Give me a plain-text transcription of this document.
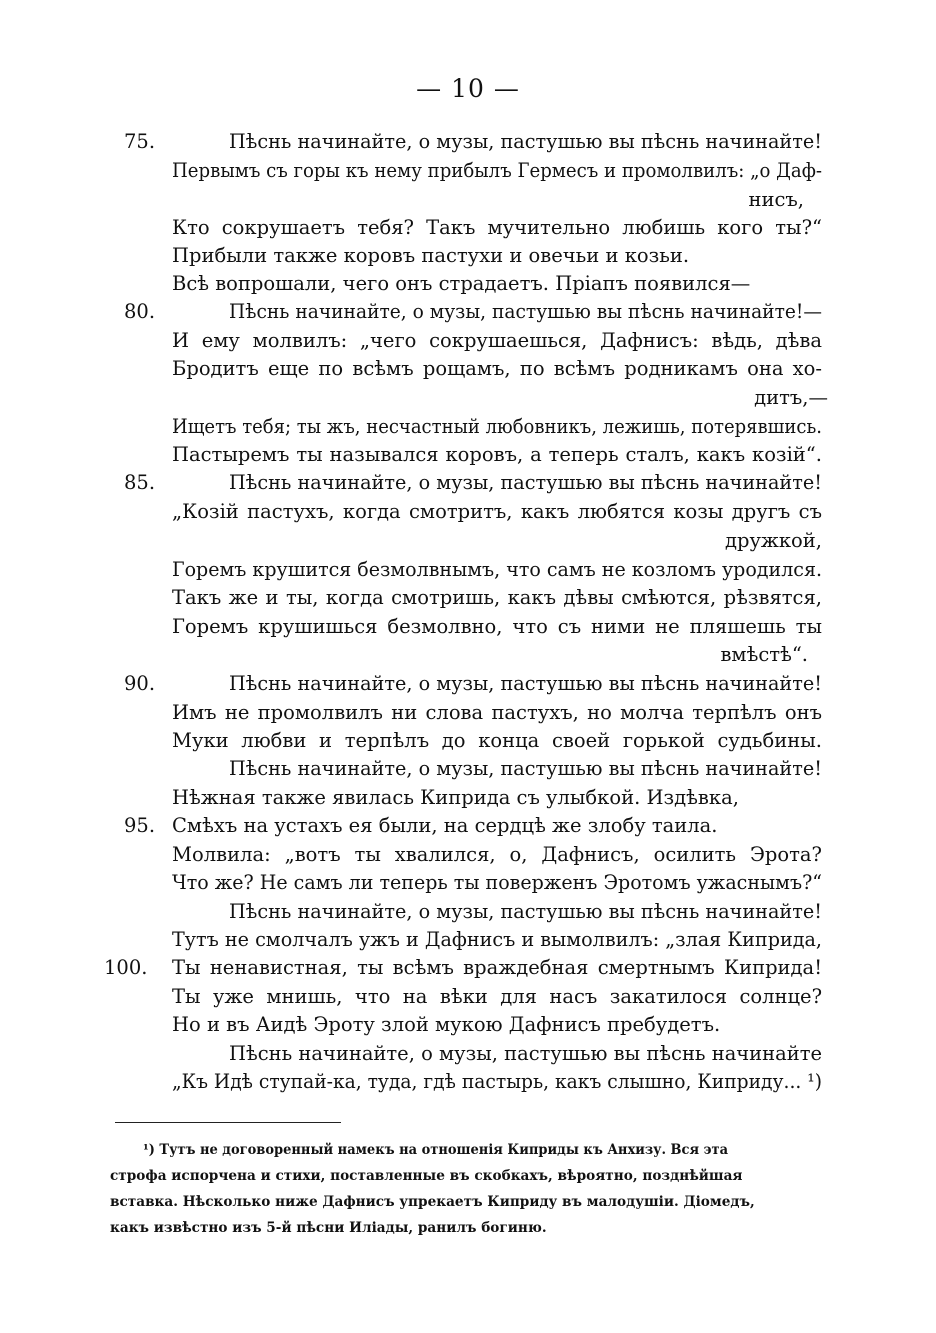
— 10 —
75.	Пѣснь начинайте, о музы, пастушью вы пѣснь начинайте!
Первымъ съ горы къ нему прибылъ Гермесъ и промолвилъ: „о Даф-
нисъ,
Кто сокрушаетъ тебя? Такъ мучительно любишь кого ты?“
Прибыли также коровъ пастухи и овечьи и козьи.
Всѣ вопрошали, чего онъ страдаетъ. Пріапъ появился—
80.	Пѣснь начинайте, о музы, пастушью вы пѣснь начинайте!—
И ему молвилъ: „чего сокрушаешься, Дафнисъ: вѣдь, дѣва
Бродитъ еще по всѣмъ рощамъ, по всѣмъ родникамъ она хо-
дитъ,—
Ищетъ тебя; ты жъ, несчастный любовникъ, лежишь, потерявшись.
Пастыремъ ты назывался коровъ, а теперь сталъ, какъ козій“.
85.	Пѣснь начинайте, о музы, пастушью вы пѣснь начинайте!
„Козій пастухъ, когда смотритъ, какъ любятся козы другъ съ
дружкой,
Горемъ крушится безмолвнымъ, что самъ не козломъ уродился.
Такъ же и ты, когда смотришь, какъ дѣвы смѣются, рѣзвятся,
Горемъ крушишься безмолвно, что съ ними не пляшешь ты
вмѣстѣ“.
90.	Пѣснь начинайте, о музы, пастушью вы пѣснь начинайте!
Имъ не промолвилъ ни слова пастухъ, но молча терпѣлъ онъ
Муки любви и терпѣлъ до конца своей горькой судьбины.
Пѣснь начинайте, о музы, пастушью вы пѣснь начинайте!
Нѣжная также явилась Киприда съ улыбкой. Издѣвка,
95. Смѣхъ на устахъ ея были, на сердцѣ же злобу таила.
Молвила: „вотъ ты хвалился, о, Дафнисъ, осилить Эрота?
Что же? Не самъ ли теперь ты поверженъ Эротомъ ужаснымъ?“
Пѣснь начинайте, о музы, пастушью вы пѣснь начинайте!
Тутъ не смолчалъ ужъ и Дафнисъ и вымолвилъ: „злая Киприда,
100. Ты ненавистная, ты всѣмъ враждебная смертнымъ Киприда!
Ты уже мнишь, что на вѣки для насъ закатилося солнце?
Но и въ Аидѣ Эроту злой мукою Дафнисъ пребудетъ.
Пѣснь начинайте, о музы, пастушью вы пѣснь начинайте
„Къ Идѣ ступай-ка, туда, гдѣ пастырь, какъ слышно, Киприду... ¹)
¹) Тутъ не договоренный намекъ на отношенія Киприды къ Анхизу. Вся эта
строфа испорчена и стихи, поставленные въ скобкахъ, вѣроятно, позднѣйшая
вставка. Нѣсколько ниже Дафнисъ упрекаетъ Киприду въ малодушіи. Діомедъ,
какъ извѣстно изъ 5-й пѣсни Иліады, ранилъ богиню.
